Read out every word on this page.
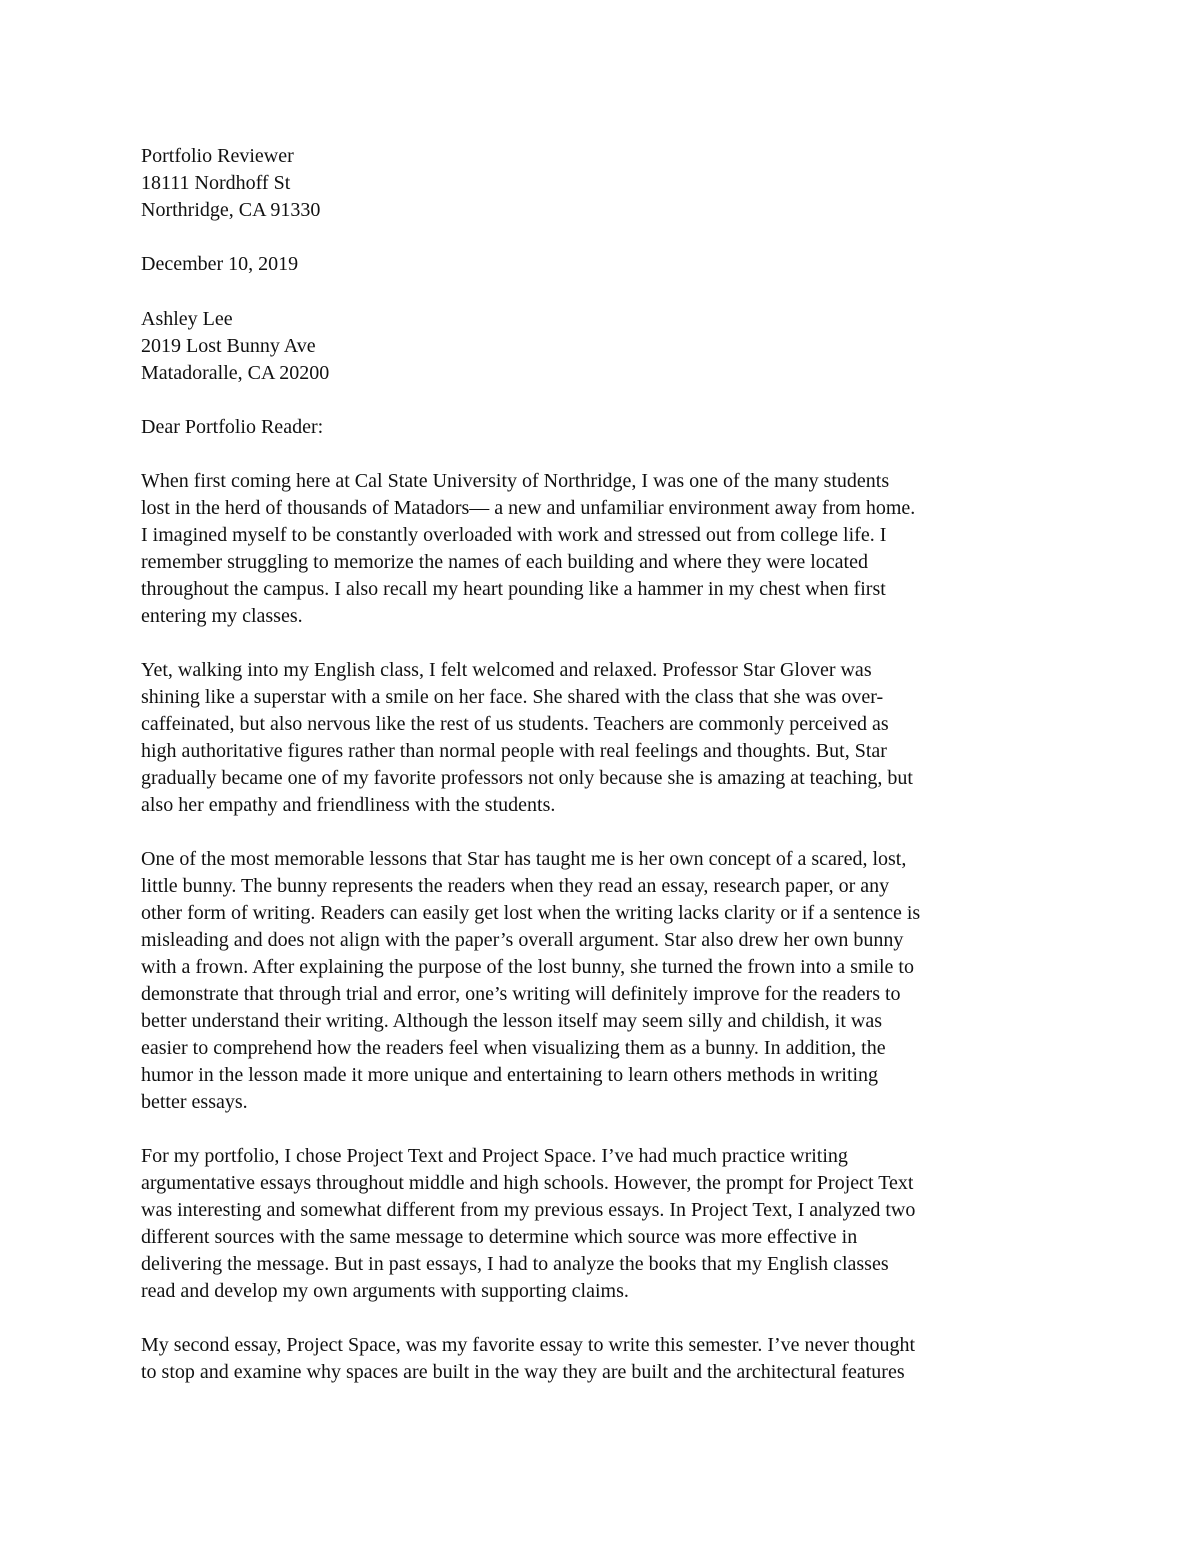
Portfolio Reviewer
18111 Nordhoff St
Northridge, CA 91330
December 10, 2019
Ashley Lee
2019 Lost Bunny Ave
Matadoralle, CA 20200
Dear Portfolio Reader:
When first coming here at Cal State University of Northridge, I was one of the many students
lost in the herd of thousands of Matadors— a new and unfamiliar environment away from home.
I imagined myself to be constantly overloaded with work and stressed out from college life. I
remember struggling to memorize the names of each building and where they were located
throughout the campus. I also recall my heart pounding like a hammer in my chest when first
entering my classes.
Yet, walking into my English class, I felt welcomed and relaxed. Professor Star Glover was
shining like a superstar with a smile on her face. She shared with the class that she was over-
caffeinated, but also nervous like the rest of us students. Teachers are commonly perceived as
high authoritative figures rather than normal people with real feelings and thoughts. But, Star
gradually became one of my favorite professors not only because she is amazing at teaching, but
also her empathy and friendliness with the students.
One of the most memorable lessons that Star has taught me is her own concept of a scared, lost,
little bunny. The bunny represents the readers when they read an essay, research paper, or any
other form of writing. Readers can easily get lost when the writing lacks clarity or if a sentence is
misleading and does not align with the paper’s overall argument. Star also drew her own bunny
with a frown. After explaining the purpose of the lost bunny, she turned the frown into a smile to
demonstrate that through trial and error, one’s writing will definitely improve for the readers to
better understand their writing. Although the lesson itself may seem silly and childish, it was
easier to comprehend how the readers feel when visualizing them as a bunny. In addition, the
humor in the lesson made it more unique and entertaining to learn others methods in writing
better essays.
For my portfolio, I chose Project Text and Project Space. I’ve had much practice writing
argumentative essays throughout middle and high schools. However, the prompt for Project Text
was interesting and somewhat different from my previous essays. In Project Text, I analyzed two
different sources with the same message to determine which source was more effective in
delivering the message. But in past essays, I had to analyze the books that my English classes
read and develop my own arguments with supporting claims.
My second essay, Project Space, was my favorite essay to write this semester. I’ve never thought
to stop and examine why spaces are built in the way they are built and the architectural features
